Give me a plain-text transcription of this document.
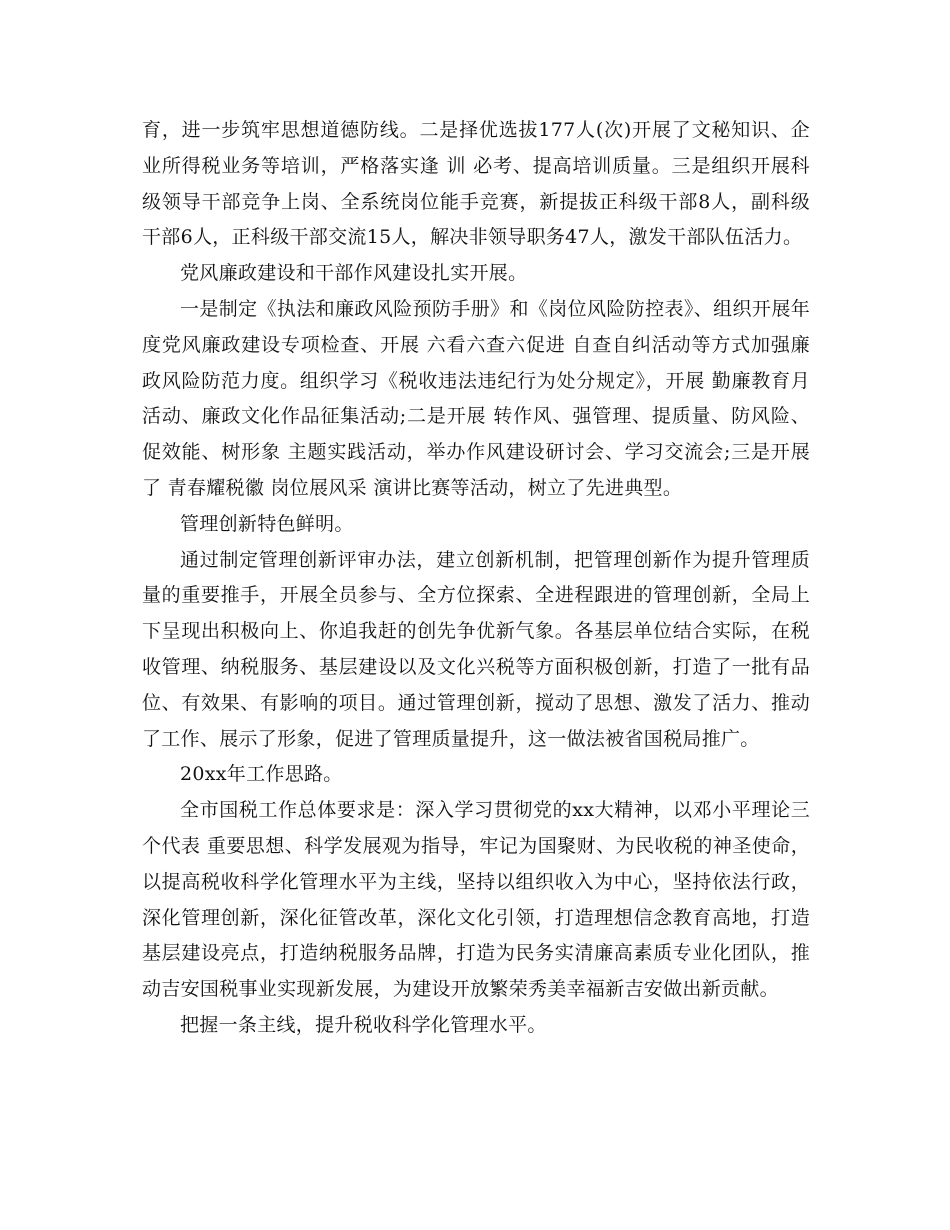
育，进一步筑牢思想道德防线。二是择优选拔177人(次)开展了文秘知识、企业所得税业务等培训，严格落实逢 训 必考、提高培训质量。三是组织开展科级领导干部竞争上岗、全系统岗位能手竞赛，新提拔正科级干部8人，副科级干部6人，正科级干部交流15人，解决非领导职务47人，激发干部队伍活力。

党风廉政建设和干部作风建设扎实开展。

一是制定《执法和廉政风险预防手册》和《岗位风险防控表》、组织开展年度党风廉政建设专项检查、开展 六看六查六促进 自查自纠活动等方式加强廉政风险防范力度。组织学习《税收违法违纪行为处分规定》，开展 勤廉教育月 活动、廉政文化作品征集活动;二是开展 转作风、强管理、提质量、防风险、促效能、树形象 主题实践活动，举办作风建设研讨会、学习交流会;三是开展了 青春耀税徽 岗位展风采 演讲比赛等活动，树立了先进典型。

管理创新特色鲜明。

通过制定管理创新评审办法，建立创新机制，把管理创新作为提升管理质量的重要推手，开展全员参与、全方位探索、全进程跟进的管理创新，全局上下呈现出积极向上、你追我赶的创先争优新气象。各基层单位结合实际，在税收管理、纳税服务、基层建设以及文化兴税等方面积极创新，打造了一批有品位、有效果、有影响的项目。通过管理创新，搅动了思想、激发了活力、推动了工作、展示了形象，促进了管理质量提升，这一做法被省国税局推广。

20xx年工作思路。

全市国税工作总体要求是：深入学习贯彻党的xx大精神，以邓小平理论三个代表 重要思想、科学发展观为指导，牢记为国聚财、为民收税的神圣使命，以提高税收科学化管理水平为主线，坚持以组织收入为中心，坚持依法行政，深化管理创新，深化征管改革，深化文化引领，打造理想信念教育高地，打造基层建设亮点，打造纳税服务品牌，打造为民务实清廉高素质专业化团队，推动吉安国税事业实现新发展，为建设开放繁荣秀美幸福新吉安做出新贡献。

把握一条主线，提升税收科学化管理水平。
